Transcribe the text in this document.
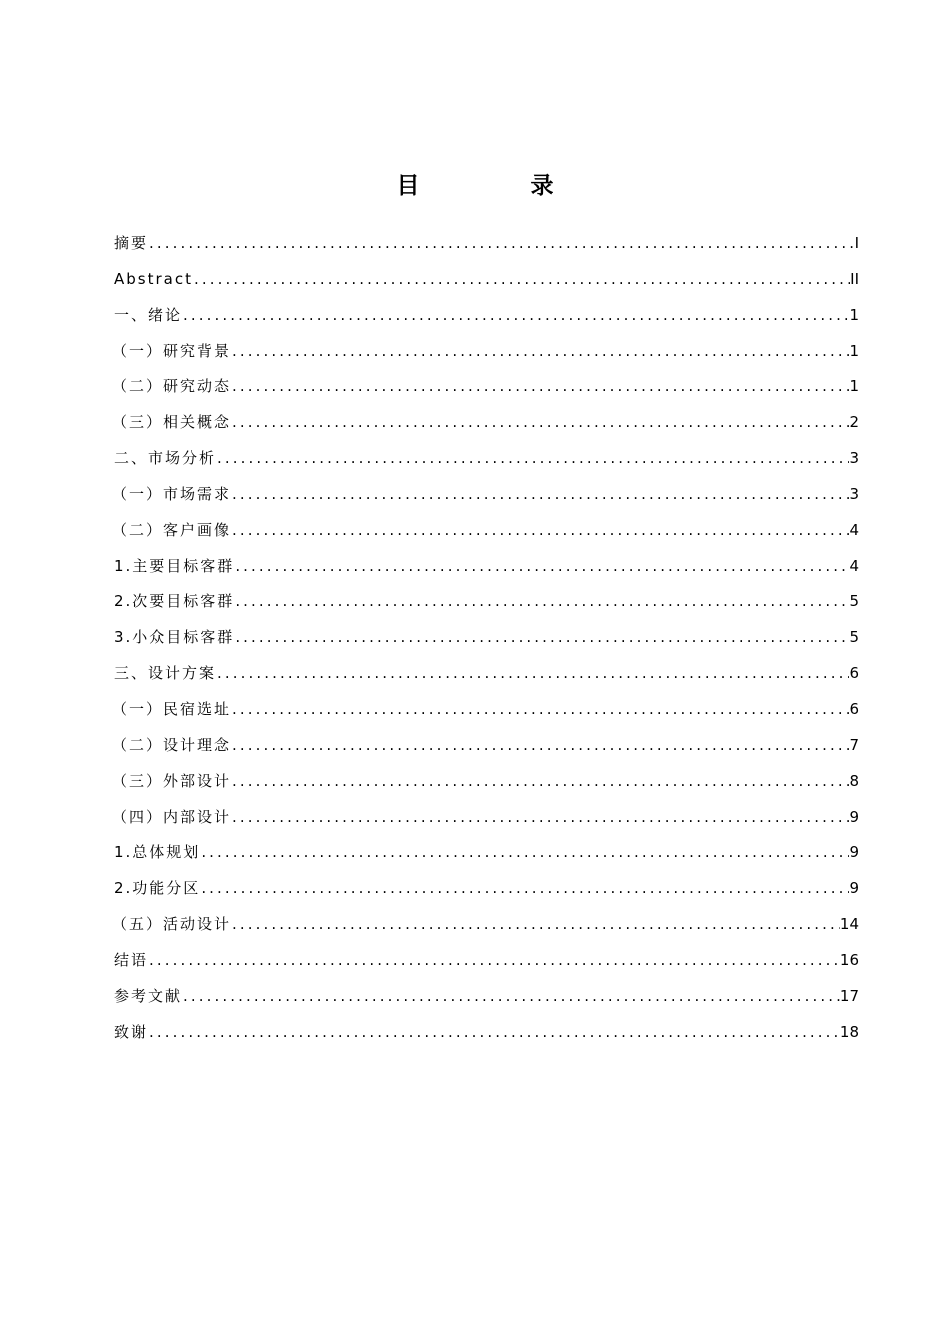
目　录
摘要 .....	I
Abstract .....	II
一、绪论 .....	1
（一）研究背景 .....	1
（二）研究动态 .....	1
（三）相关概念 .....	2
二、市场分析 .....	3
（一）市场需求 .....	3
（二）客户画像 .....	4
1.主要目标客群 .....	4
2.次要目标客群 .....	5
3.小众目标客群 .....	5
三、设计方案 .....	6
（一）民宿选址 .....	6
（二）设计理念 .....	7
（三）外部设计 .....	8
（四）内部设计 .....	9
1.总体规划 .....	9
2.功能分区 .....	9
（五）活动设计 .....	14
结语 .....	16
参考文献 .....	17
致谢 .....	18
